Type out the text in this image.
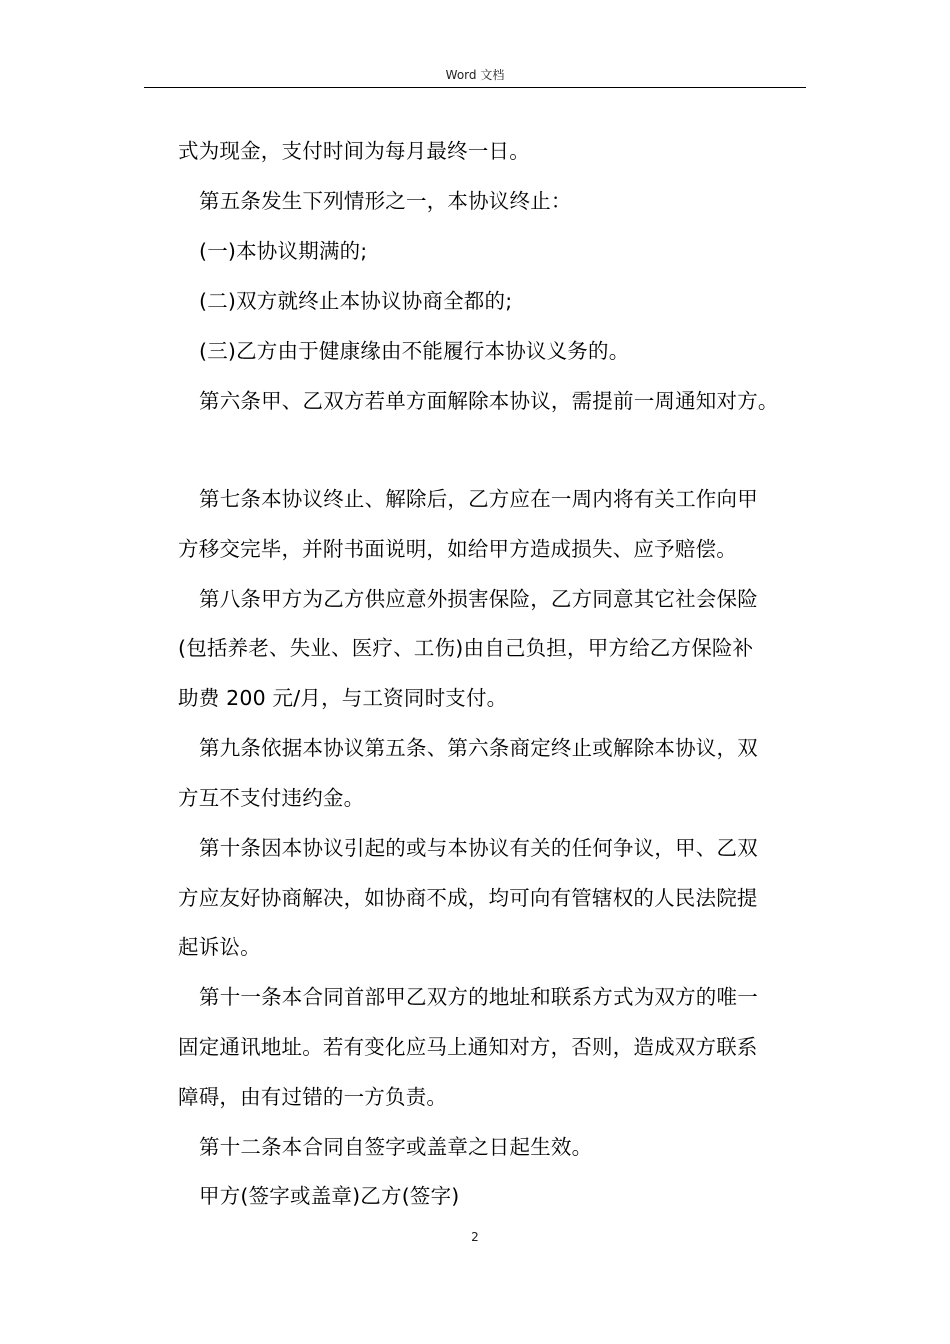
Word 文档
式为现金，支付时间为每月最终一日。
第五条发生下列情形之一，本协议终止：
(一)本协议期满的;
(二)双方就终止本协议协商全都的;
(三)乙方由于健康缘由不能履行本协议义务的。
第六条甲、乙双方若单方面解除本协议，需提前一周通知对方。
第七条本协议终止、解除后，乙方应在一周内将有关工作向甲
方移交完毕，并附书面说明，如给甲方造成损失、应予赔偿。
第八条甲方为乙方供应意外损害保险，乙方同意其它社会保险
(包括养老、失业、医疗、工伤)由自己负担，甲方给乙方保险补
助费 200 元/月，与工资同时支付。
第九条依据本协议第五条、第六条商定终止或解除本协议，双
方互不支付违约金。
第十条因本协议引起的或与本协议有关的任何争议，甲、乙双
方应友好协商解决，如协商不成，均可向有管辖权的人民法院提
起诉讼。
第十一条本合同首部甲乙双方的地址和联系方式为双方的唯一
固定通讯地址。若有变化应马上通知对方，否则，造成双方联系
障碍，由有过错的一方负责。
第十二条本合同自签字或盖章之日起生效。
甲方(签字或盖章)乙方(签字)
2
